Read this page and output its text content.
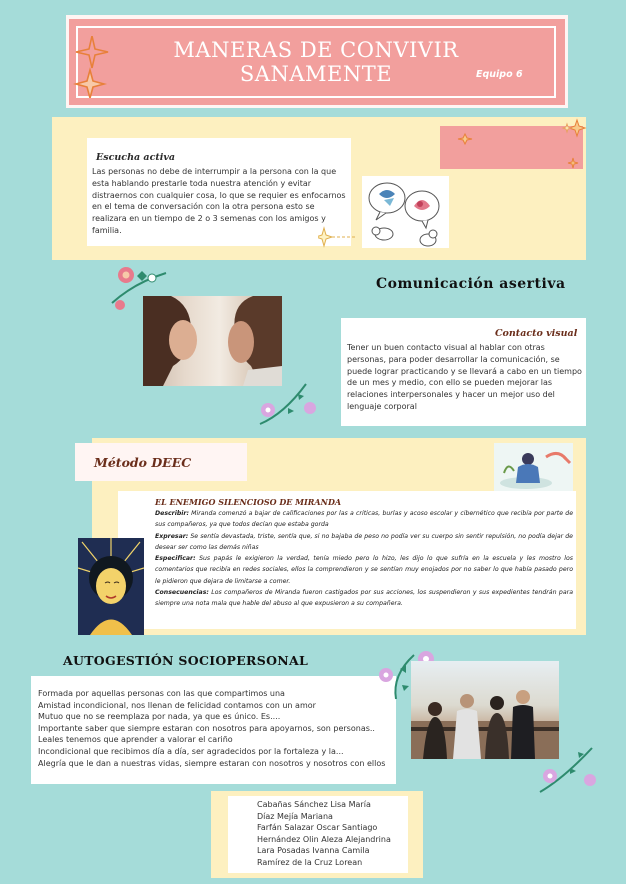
MANERAS DE CONVIVIR SANAMENTE	Equipo 6
Escucha activa
Las personas no debe de interrumpir a la persona con la que esta hablando prestarle toda nuestra atención y evitar distraernos con cualquier cosa, lo que se requier es enfocarnos en el tema de conversación con la otra persona esto se realizara en un tiempo de 2 o 3 semenas con los amigos y familia.
Comunicación asertiva
Contacto visual
Tener un buen contacto visual al hablar con otras personas, para poder desarrollar la comunicación, se puede lograr practicando y se llevará a cabo en un tiempo de un mes y medio, con ello se pueden mejorar las relaciones interpersonales y hacer un mejor uso del lenguaje corporal
Método DEEC
EL ENEMIGO SILENCIOSO DE MIRANDA
Describir: Miranda comenzó a bajar de calificaciones por las a criticas, burlas y acoso escolar y cibernético que recibía por parte de sus compañeros, ya que todos decían que estaba gorda
Expresar: Se sentía devastada, triste, sentía que, si no bajaba de peso no podía ver su cuerpo sin sentir repulsión, no podía dejar de desear ser como las demás niñas
Especificar: Sus papás le exigieron la verdad, tenía miedo pero lo hizo, les dijo lo que sufría en la escuela y les mostro los comentarios que recibía en redes sociales, ellos la comprendieron y se sentían muy enojados por no saber lo que había pasado pero le pidieron que dejara de limitarse a comer.
Consecuencias: Los compañeros de Miranda fueron castigados por sus acciones, los suspendieron y sus expedientes tendrán para siempre una nota mala que hable del abuso al que expusieron a su compañera.
AUTOGESTIÓN SOCIOPERSONAL
Formada por aquellas personas con las que compartimos una
Amistad incondicional, nos llenan de felicidad contamos con un amor
Mutuo que no se reemplaza por nada, ya que es único. Es....
Importante saber que siempre estaran con nosotros para apoyarnos, son personas..
Leales tenemos que aprender a valorar el cariño
Incondicional que recibimos día a día, ser agradecidos por la fortaleza y la...
Alegría que le dan a nuestras vidas, siempre estaran con nosotros y nosotros con ellos
Cabañas Sánchez Lisa María
Díaz Mejía Mariana
Farfán Salazar Oscar Santiago
Hernández Olin Aleza Alejandrina
Lara Posadas Ivanna Camila
Ramírez de la Cruz Lorean
